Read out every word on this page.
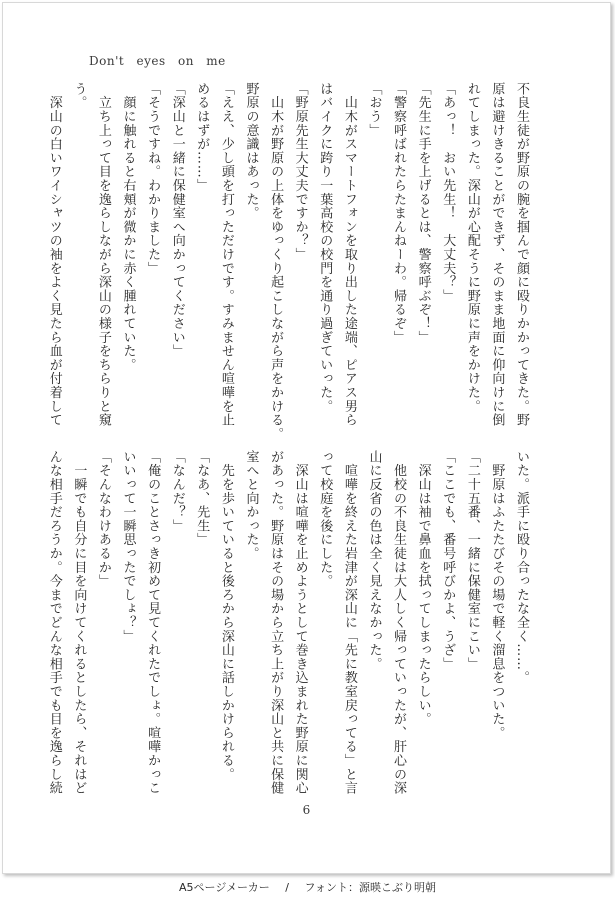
Don't eyes on me
不良生徒が野原の腕を掴んで顔に殴りかかってきた。野
原は避けきることができず、そのまま地面に仰向けに倒
れてしまった。深山が心配そうに野原に声をかけた。
「あっ！　おい先生！　大丈夫？」
「先生に手を上げるとは、警察呼ぶぞ！」
「警察呼ばれたらたまんねーわ。帰るぞ」
「おう」
　山木がスマートフォンを取り出した途端、ピアス男ら
はバイクに跨り一葉高校の校門を通り過ぎていった。
「野原先生大丈夫ですか？」
　山木が野原の上体をゆっくり起こしながら声をかける。
野原の意識はあった。
「ええ、少し頭を打っただけです。すみません喧嘩を止
めるはずが……」
「深山と一緒に保健室へ向かってください」
「そうですね。わかりました」
　顔に触れると右頬が微かに赤く腫れていた。
　立ち上って目を逸らしながら深山の様子をちらりと窺
う。
　深山の白いワイシャツの袖をよく見たら血が付着して
いた。派手に殴り合ったな全く……。
　野原はふたたびその場で軽く溜息をついた。
「二十五番、一緒に保健室にこい」
「ここでも、番号呼びかよ、うざ」
　深山は袖で鼻血を拭ってしまったらしい。
　他校の不良生徒は大人しく帰っていったが、肝心の深
山に反省の色は全く見えなかった。
　喧嘩を終えた岩津が深山に「先に教室戻ってる」と言
って校庭を後にした。
　深山は喧嘩を止めようとして巻き込まれた野原に関心
があった。野原はその場から立ち上がり深山と共に保健
室へと向かった。
　先を歩いていると後ろから深山に話しかけられる。
「なあ、先生」
「なんだ？」
「俺のことさっき初めて見てくれたでしょ。喧嘩かっこ
いいって一瞬思ったでしょ？」
「そんなわけあるか」
　一瞬でも自分に目を向けてくれるとしたら、それはど
んな相手だろうか。今までどんな相手でも目を逸らし続
6
A5ページメーカー / フォント：源暎こぶり明朝
